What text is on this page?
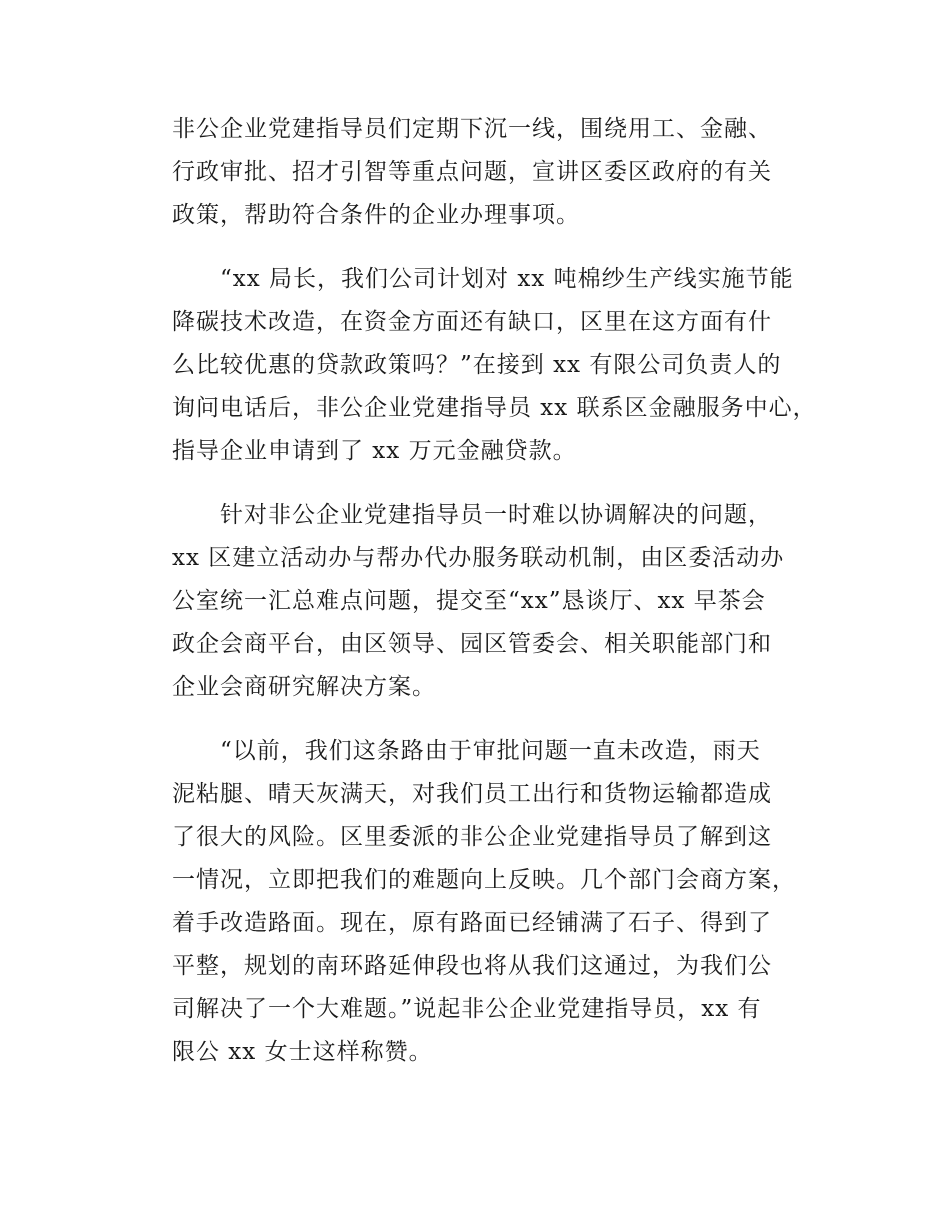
非公企业党建指导员们定期下沉一线，围绕用工、金融、
行政审批、招才引智等重点问题，宣讲区委区政府的有关
政策，帮助符合条件的企业办理事项。

“xx 局长，我们公司计划对 xx 吨棉纱生产线实施节能
降碳技术改造，在资金方面还有缺口，区里在这方面有什
么比较优惠的贷款政策吗？”在接到 xx 有限公司负责人的
询问电话后，非公企业党建指导员 xx 联系区金融服务中心，
指导企业申请到了 xx 万元金融贷款。

针对非公企业党建指导员一时难以协调解决的问题，
xx 区建立活动办与帮办代办服务联动机制，由区委活动办
公室统一汇总难点问题，提交至“xx”恳谈厅、xx 早茶会
政企会商平台，由区领导、园区管委会、相关职能部门和
企业会商研究解决方案。

“以前，我们这条路由于审批问题一直未改造，雨天
泥粘腿、晴天灰满天，对我们员工出行和货物运输都造成
了很大的风险。区里委派的非公企业党建指导员了解到这
一情况，立即把我们的难题向上反映。几个部门会商方案，
着手改造路面。现在，原有路面已经铺满了石子、得到了
平整，规划的南环路延伸段也将从我们这通过，为我们公
司解决了一个大难题。”说起非公企业党建指导员，xx 有
限公 xx 女士这样称赞。
